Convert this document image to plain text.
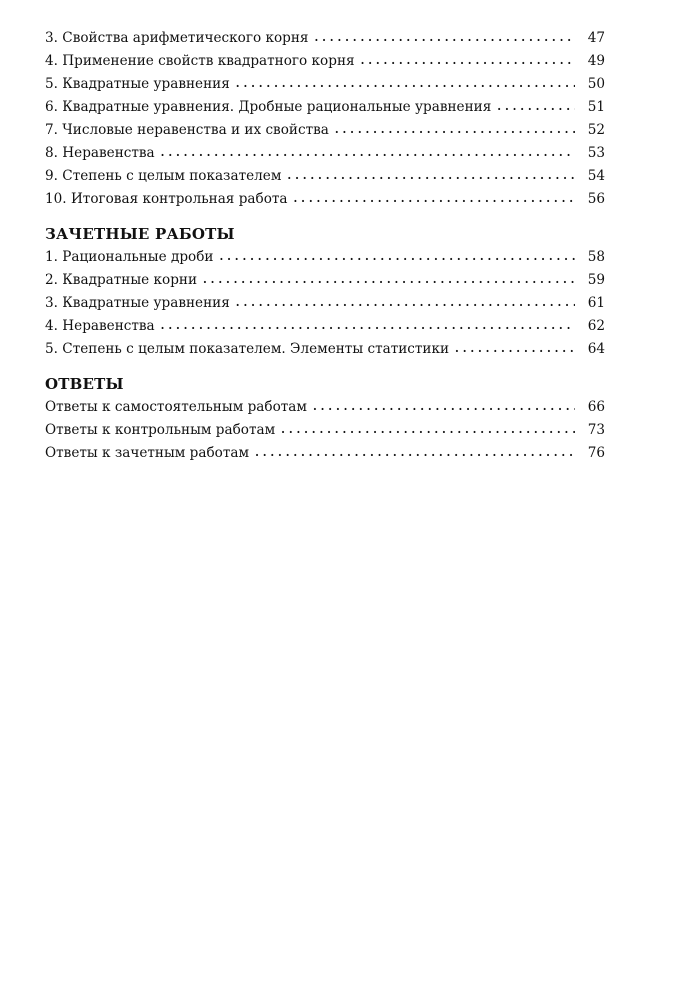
3. Свойства арифметического корня . . .	47
4. Применение свойств квадратного корня . . .	49
5. Квадратные уравнения . . .	50
6. Квадратные уравнения. Дробные рациональные уравнения . . .	51
7. Числовые неравенства и их свойства . . .	52
8. Неравенства . . .	53
9. Степень с целым показателем . . .	54
10. Итоговая контрольная работа . . .	56
ЗАЧЕТНЫЕ РАБОТЫ
1. Рациональные дроби . . .	58
2. Квадратные корни . . .	59
3. Квадратные уравнения . . .	61
4. Неравенства . . .	62
5. Степень с целым показателем. Элементы статистики . . .	64
ОТВЕТЫ
Ответы к самостоятельным работам . . .	66
Ответы к контрольным работам . . .	73
Ответы к зачетным работам . . .	76
